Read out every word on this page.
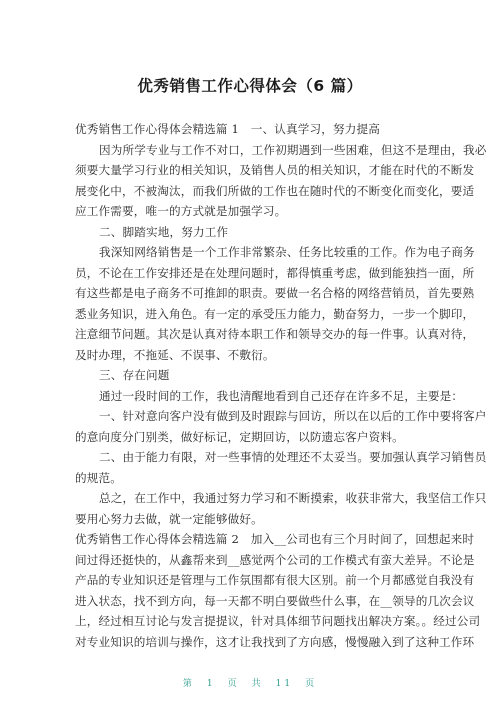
优秀销售工作心得体会（6 篇）
优秀销售工作心得体会精选篇 1　一、认真学习，努力提高
因为所学专业与工作不对口，工作初期遇到一些困难，但这不是理由，我必
须要大量学习行业的相关知识，及销售人员的相关知识，才能在时代的不断发
展变化中，不被淘汰，而我们所做的工作也在随时代的不断变化而变化，要适
应工作需要，唯一的方式就是加强学习。
二、脚踏实地，努力工作
我深知网络销售是一个工作非常繁杂、任务比较重的工作。作为电子商务
员，不论在工作安排还是在处理问题时，都得慎重考虑，做到能独挡一面，所
有这些都是电子商务不可推卸的职责。要做一名合格的网络营销员，首先要熟
悉业务知识，进入角色。有一定的承受压力能力，勤奋努力，一步一个脚印，
注意细节问题。其次是认真对待本职工作和领导交办的每一件事。认真对待，
及时办理，不拖延、不误事、不敷衍。
三、存在问题
通过一段时间的工作，我也清醒地看到自己还存在许多不足，主要是：
一、针对意向客户没有做到及时跟踪与回访，所以在以后的工作中要将客户
的意向度分门别类，做好标记，定期回访，以防遗忘客户资料。
二、由于能力有限，对一些事情的处理还不太妥当。要加强认真学习销售员
的规范。
总之，在工作中，我通过努力学习和不断摸索，收获非常大，我坚信工作只
要用心努力去做，就一定能够做好。
优秀销售工作心得体会精选篇 2　加入__公司也有三个月时间了，回想起来时
间过得还挺快的，从鑫帮来到__感觉两个公司的工作模式有蛮大差异。不论是
产品的专业知识还是管理与工作氛围都有很大区别。前一个月都感觉自我没有
进入状态，找不到方向，每一天都不明白要做些什么事，在__领导的几次会议
上，经过相互讨论与发言提提议，针对具体细节问题找出解决方案。。经过公司
对专业知识的培训与操作，这才让我找到了方向感，慢慢融入到了这种工作环
第　1　页　共　11　页
